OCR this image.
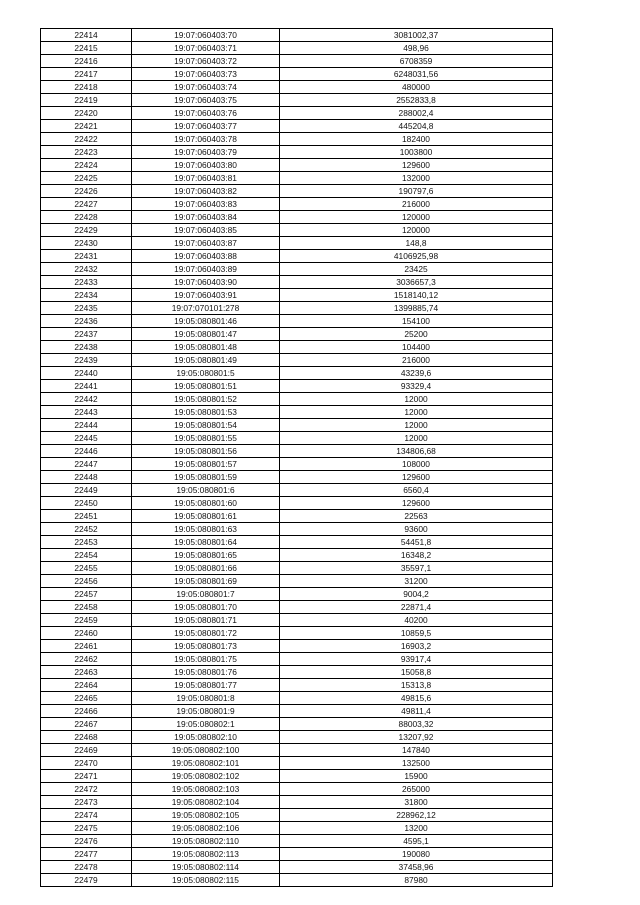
22414	19:07:060403:70	3081002,37
22415	19:07:060403:71	498,96
22416	19:07:060403:72	6708359
22417	19:07:060403:73	6248031,56
22418	19:07:060403:74	480000
22419	19:07:060403:75	2552833,8
22420	19:07:060403:76	288002,4
22421	19:07:060403:77	445204,8
22422	19:07:060403:78	182400
22423	19:07:060403:79	1003800
22424	19:07:060403:80	129600
22425	19:07:060403:81	132000
22426	19:07:060403:82	190797,6
22427	19:07:060403:83	216000
22428	19:07:060403:84	120000
22429	19:07:060403:85	120000
22430	19:07:060403:87	148,8
22431	19:07:060403:88	4106925,98
22432	19:07:060403:89	23425
22433	19:07:060403:90	3036657,3
22434	19:07:060403:91	1518140,12
22435	19:07:070101:278	1399885,74
22436	19:05:080801:46	154100
22437	19:05:080801:47	25200
22438	19:05:080801:48	104400
22439	19:05:080801:49	216000
22440	19:05:080801:5	43239,6
22441	19:05:080801:51	93329,4
22442	19:05:080801:52	12000
22443	19:05:080801:53	12000
22444	19:05:080801:54	12000
22445	19:05:080801:55	12000
22446	19:05:080801:56	134806,68
22447	19:05:080801:57	108000
22448	19:05:080801:59	129600
22449	19:05:080801:6	6560,4
22450	19:05:080801:60	129600
22451	19:05:080801:61	22563
22452	19:05:080801:63	93600
22453	19:05:080801:64	54451,8
22454	19:05:080801:65	16348,2
22455	19:05:080801:66	35597,1
22456	19:05:080801:69	31200
22457	19:05:080801:7	9004,2
22458	19:05:080801:70	22871,4
22459	19:05:080801:71	40200
22460	19:05:080801:72	10859,5
22461	19:05:080801:73	16903,2
22462	19:05:080801:75	93917,4
22463	19:05:080801:76	15058,8
22464	19:05:080801:77	15313,8
22465	19:05:080801:8	49815,6
22466	19:05:080801:9	49811,4
22467	19:05:080802:1	88003,32
22468	19:05:080802:10	13207,92
22469	19:05:080802:100	147840
22470	19:05:080802:101	132500
22471	19:05:080802:102	15900
22472	19:05:080802:103	265000
22473	19:05:080802:104	31800
22474	19:05:080802:105	228962,12
22475	19:05:080802:106	13200
22476	19:05:080802:110	4595,1
22477	19:05:080802:113	190080
22478	19:05:080802:114	37458,96
22479	19:05:080802:115	87980
